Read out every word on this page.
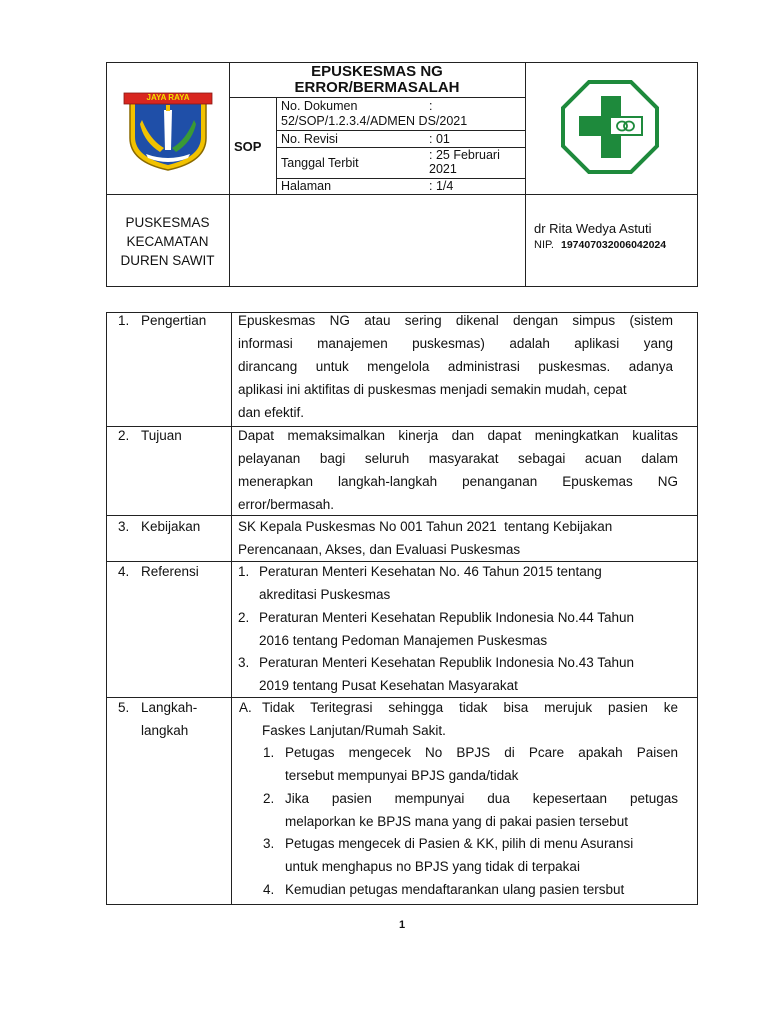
JAYA RAYA
EPUSKESMAS NG
ERROR/BERMASALAH
SOP
No. Dokumen	:
52/SOP/1.2.3.4/ADMEN DS/2021
No. Revisi	: 01
Tanggal Terbit
: 25 Februari
2021
Halaman	: 1/4
PUSKESMAS
KECAMATAN
DUREN SAWIT
dr Rita Wedya Astuti
NIP. 197407032006042024
1. Pengertian Epuskesmas NG atau sering dikenal dengan simpus (sistem
informasi manajemen puskesmas) adalah aplikasi yang
dirancang untuk mengelola administrasi puskesmas. adanya
aplikasi ini aktifitas di puskesmas menjadi semakin mudah, cepat
dan efektif.
2. Tujuan	Dapat memaksimalkan kinerja dan dapat meningkatkan kualitas
pelayanan bagi seluruh masyarakat sebagai acuan dalam
menerapkan langkah-langkah penanganan Epuskemas NG
error/bermasah.
3. Kebijakan	SK Kepala Puskesmas No 001 Tahun 2021  tentang Kebijakan
Perencanaan, Akses, dan Evaluasi Puskesmas
4. Referensi	1. Peraturan Menteri Kesehatan No. 46 Tahun 2015 tentang
akreditasi Puskesmas
2. Peraturan Menteri Kesehatan Republik Indonesia No.44 Tahun
2016 tentang Pedoman Manajemen Puskesmas
3. Peraturan Menteri Kesehatan Republik Indonesia No.43 Tahun
2019 tentang Pusat Kesehatan Masyarakat
5. Langkah-
langkah
A. Tidak Teritegrasi sehingga tidak bisa merujuk pasien ke
Faskes Lanjutan/Rumah Sakit.
1. Petugas mengecek No BPJS di Pcare apakah Paisen
tersebut mempunyai BPJS ganda/tidak
2. Jika pasien mempunyai dua kepesertaan petugas
melaporkan ke BPJS mana yang di pakai pasien tersebut
3. Petugas mengecek di Pasien & KK, pilih di menu Asuransi
untuk menghapus no BPJS yang tidak di terpakai
4. Kemudian petugas mendaftarankan ulang pasien tersbut
1
